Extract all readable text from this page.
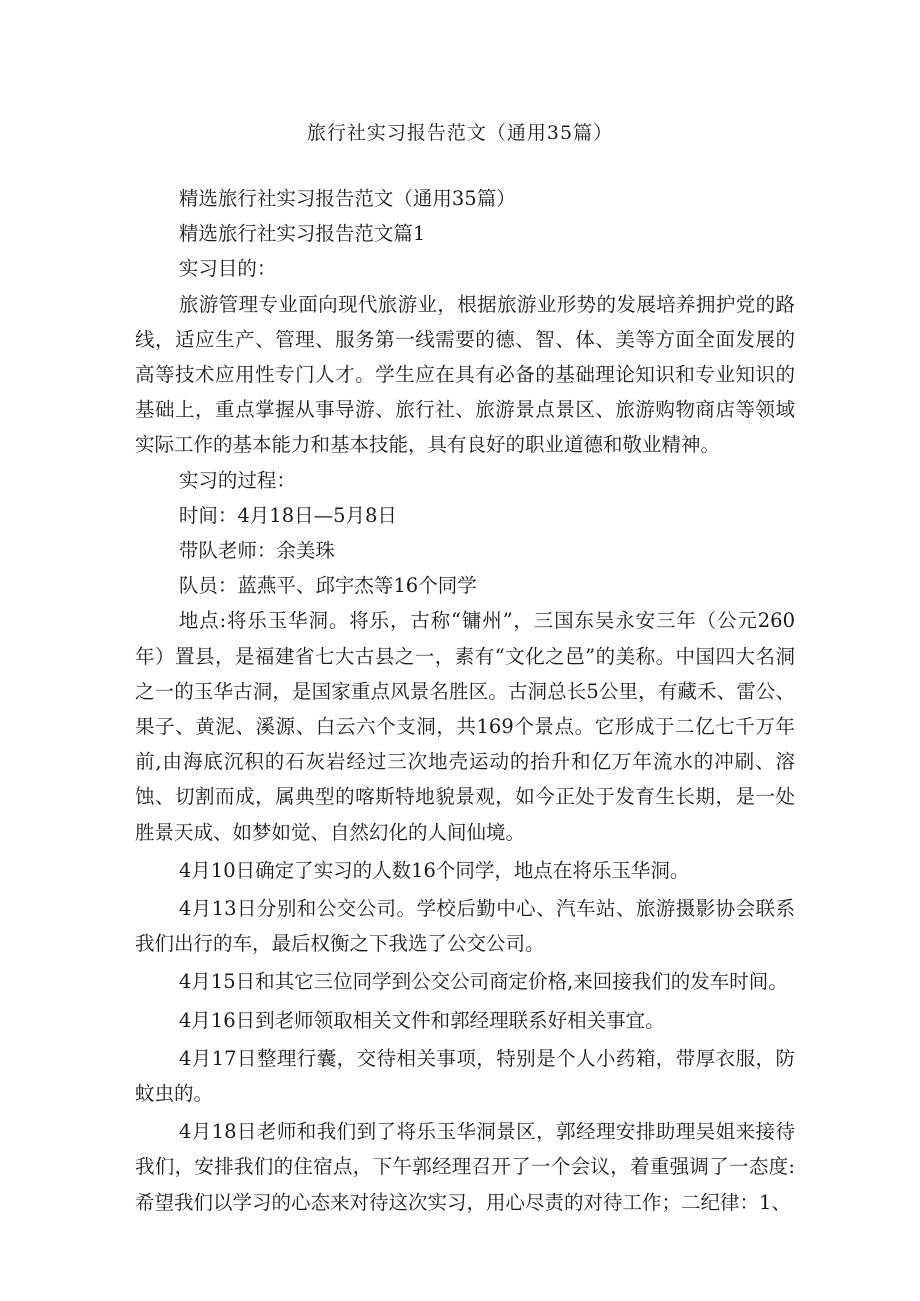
旅行社实习报告范文（通用35篇）

精选旅行社实习报告范文（通用35篇）

精选旅行社实习报告范文篇1

实习目的：

旅游管理专业面向现代旅游业，根据旅游业形势的发展培养拥护党的路线，适应生产、管理、服务第一线需要的德、智、体、美等方面全面发展的高等技术应用性专门人才。学生应在具有必备的基础理论知识和专业知识的基础上，重点掌握从事导游、旅行社、旅游景点景区、旅游购物商店等领域实际工作的基本能力和基本技能，具有良好的职业道德和敬业精神。

实习的过程：

时间：4月18日—5月8日

带队老师：余美珠

队员：蓝燕平、邱宇杰等16个同学

地点:将乐玉华洞。将乐，古称“镛州”，三国东吴永安三年（公元260年）置县，是福建省七大古县之一，素有“文化之邑”的美称。中国四大名洞之一的玉华古洞，是国家重点风景名胜区。古洞总长5公里，有藏禾、雷公、果子、黄泥、溪源、白云六个支洞，共169个景点。它形成于二亿七千万年前,由海底沉积的石灰岩经过三次地壳运动的抬升和亿万年流水的冲刷、溶蚀、切割而成，属典型的喀斯特地貌景观，如今正处于发育生长期，是一处胜景天成、如梦如觉、自然幻化的人间仙境。

4月10日确定了实习的人数16个同学，地点在将乐玉华洞。

4月13日分别和公交公司。学校后勤中心、汽车站、旅游摄影协会联系我们出行的车，最后权衡之下我选了公交公司。

4月15日和其它三位同学到公交公司商定价格,来回接我们的发车时间。

4月16日到老师领取相关文件和郭经理联系好相关事宜。

4月17日整理行囊，交待相关事项，特别是个人小药箱，带厚衣服，防蚊虫的。

4月18日老师和我们到了将乐玉华洞景区，郭经理安排助理吴姐来接待我们，安排我们的住宿点，下午郭经理召开了一个会议，着重强调了一态度:希望我们以学习的心态来对待这次实习，用心尽责的对待工作；二纪律：1、
